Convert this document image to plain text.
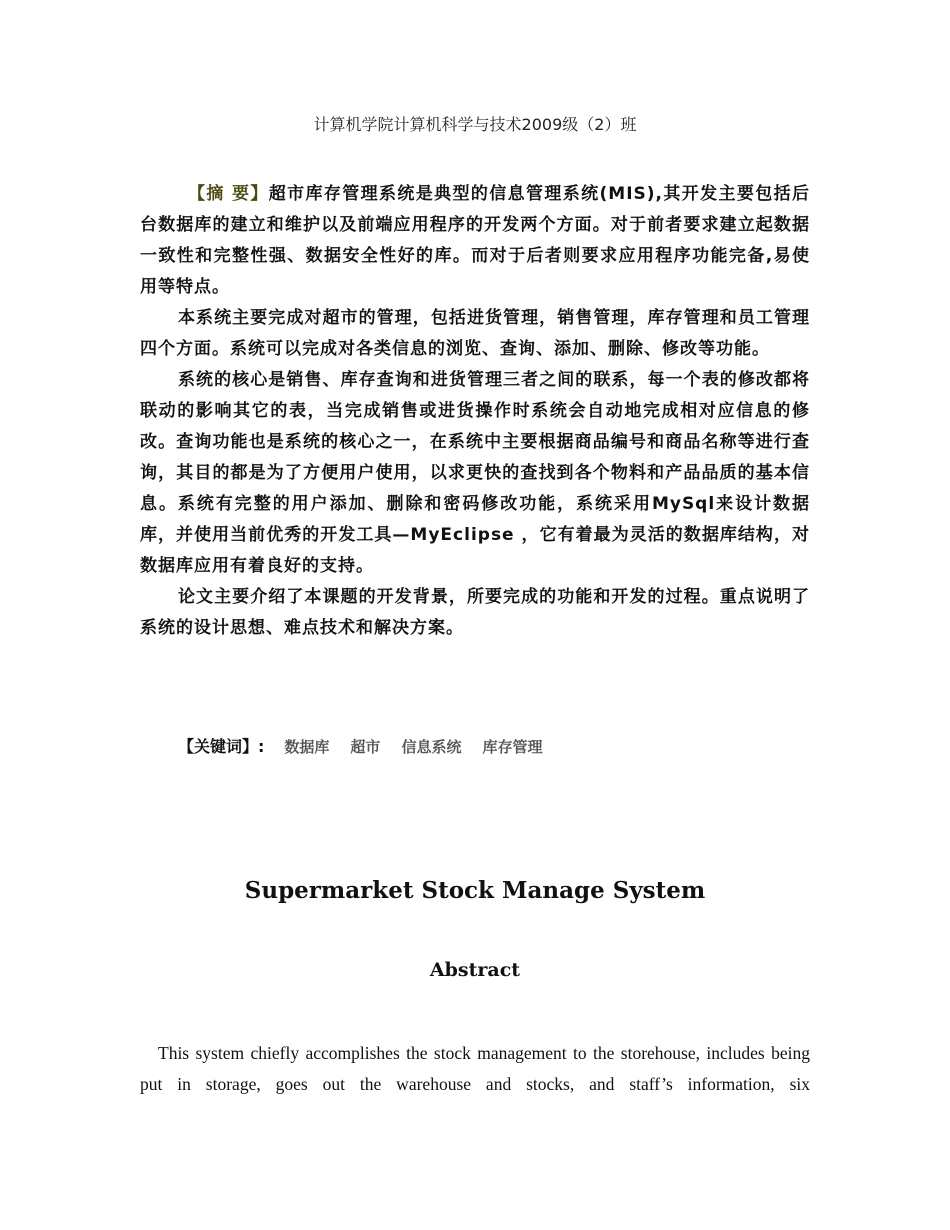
计算机学院计算机科学与技术2009级（2）班

【摘 要】超市库存管理系统是典型的信息管理系统(MIS),其开发主要包括后台数据库的建立和维护以及前端应用程序的开发两个方面。对于前者要求建立起数据一致性和完整性强、数据安全性好的库。而对于后者则要求应用程序功能完备,易使用等特点。

本系统主要完成对超市的管理，包括进货管理，销售管理，库存管理和员工管理四个方面。系统可以完成对各类信息的浏览、查询、添加、删除、修改等功能。

系统的核心是销售、库存查询和进货管理三者之间的联系，每一个表的修改都将联动的影响其它的表，当完成销售或进货操作时系统会自动地完成相对应信息的修改。查询功能也是系统的核心之一，在系统中主要根据商品编号和商品名称等进行查询，其目的都是为了方便用户使用，以求更快的查找到各个物料和产品品质的基本信息。系统有完整的用户添加、删除和密码修改功能，系统采用MySql来设计数据库，并使用当前优秀的开发工具—MyEclipse ，它有着最为灵活的数据库结构，对数据库应用有着良好的支持。

论文主要介绍了本课题的开发背景，所要完成的功能和开发的过程。重点说明了系统的设计思想、难点技术和解决方案。

【关键词】: 数据库 超市 信息系统 库存管理
Supermarket Stock Manage System
Abstract
This system chiefly accomplishes the stock management to the storehouse, includes being put in storage, goes out the warehouse and stocks, and staff’s information, six
